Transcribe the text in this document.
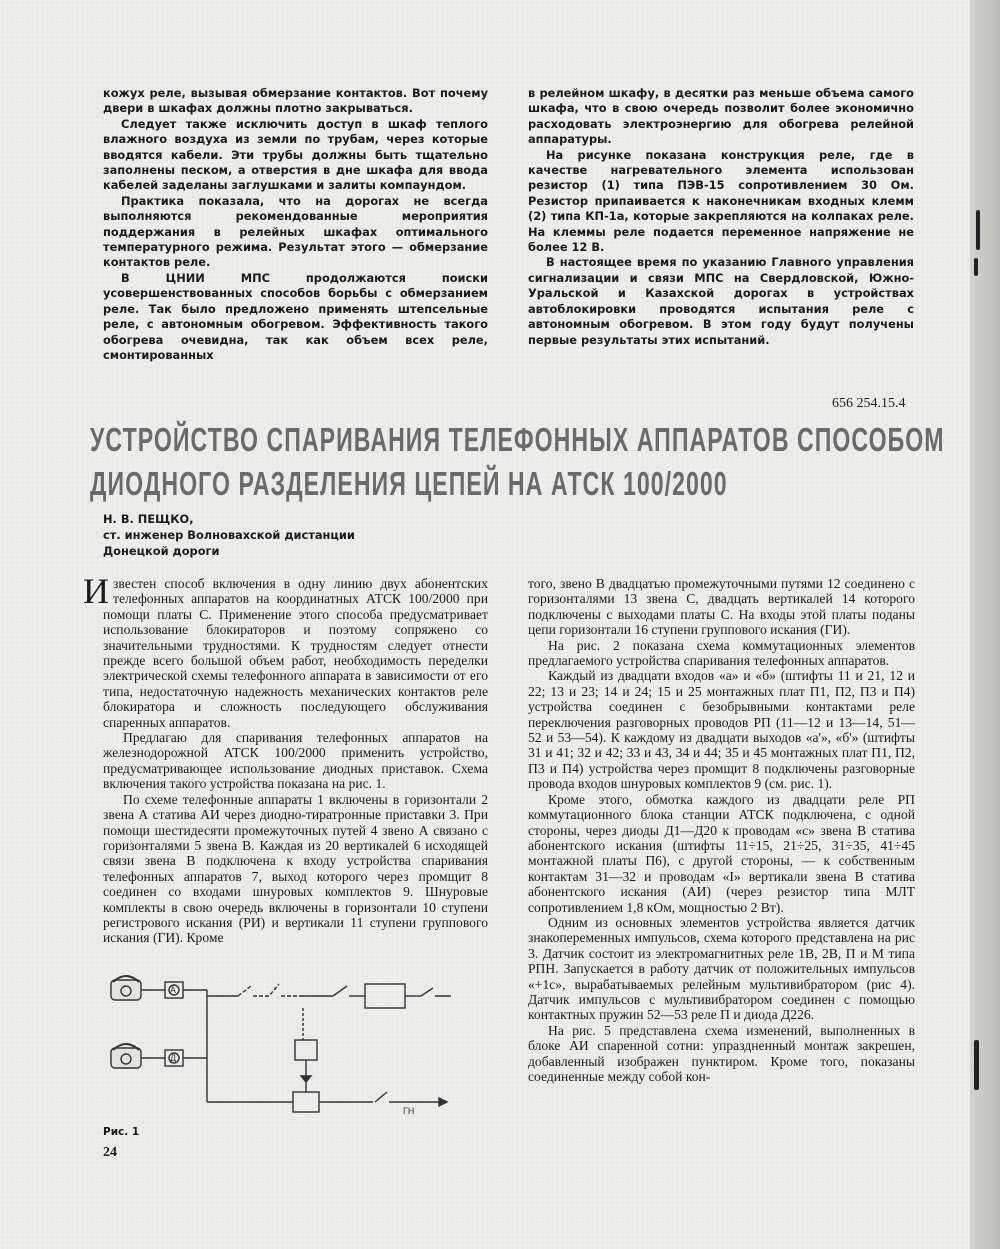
кожух реле, вызывая обмерзание контактов. Вот почему двери в шкафах должны плотно закрываться.

Следует также исключить доступ в шкаф теплого влажного воздуха из земли по трубам, через которые вводятся кабели. Эти трубы должны быть тщательно заполнены песком, а отверстия в дне шкафа для ввода кабелей заделаны заглушками и залиты компаундом.

Практика показала, что на дорогах не всегда выполняются рекомендованные мероприятия поддержания в релейных шкафах оптимального температурного режима. Результат этого — обмерзание контактов реле.

В ЦНИИ МПС продолжаются поиски усовершенствованных способов борьбы с обмерзанием реле. Так было предложено применять штепсельные реле, с автономным обогревом. Эффективность такого обогрева очевидна, так как объем всех реле, смонтированных

в релейном шкафу, в десятки раз меньше объема самого шкафа, что в свою очередь позволит более экономично расходовать электроэнергию для обогрева релейной аппаратуры.

На рисунке показана конструкция реле, где в качестве нагревательного элемента использован резистор (1) типа ПЭВ-15 сопротивлением 30 Ом. Резистор припаивается к наконечникам входных клемм (2) типа КП-1а, которые закрепляются на колпаках реле. На клеммы реле подается переменное напряжение не более 12 В.

В настоящее время по указанию Главного управления сигнализации и связи МПС на Свердловской, Южно-Уральской и Казахской дорогах в устройствах автоблокировки проводятся испытания реле с автономным обогревом. В этом году будут получены первые результаты этих испытаний.

656 254.15.4
УСТРОЙСТВО СПАРИВАНИЯ ТЕЛЕФОННЫХ АППАРАТОВ СПОСОБОМ
ДИОДНОГО РАЗДЕЛЕНИЯ ЦЕПЕЙ НА АТСК 100/2000
Н. В. ПЕЩКО,
ст. инженер Волновахской дистанции
Донецкой дороги

Известен способ включения в одну линию двух абонентских телефонных аппаратов на координатных АТСК 100/2000 при помощи платы С. Применение этого способа предусматривает использование блокираторов и поэтому сопряжено со значительными трудностями. К трудностям следует отнести прежде всего большой объем работ, необходимость переделки электрической схемы телефонного аппарата в зависимости от его типа, недостаточную надежность механических контактов реле блокиратора и сложность последующего обслуживания спаренных аппаратов.

Предлагаю для спаривания телефонных аппаратов на железнодорожной АТСК 100/2000 применить устройство, предусматривающее использование диодных приставок. Схема включения такого устройства показана на рис. 1.

По схеме телефонные аппараты 1 включены в горизонтали 2 звена А статива АИ через диодно-тиратронные приставки 3. При помощи шестидесяти промежуточных путей 4 звено А связано с горизонталями 5 звена В. Каждая из 20 вертикалей 6 исходящей связи звена В подключена к входу устройства спаривания телефонных аппаратов 7, выход которого через промщит 8 соединен со входами шнуровых комплектов 9. Шнуровые комплекты в свою очередь включены в горизонтали 10 ступени регистрового искания (РИ) и вертикали 11 ступени группового искания (ГИ). Кроме

того, звено В двадцатью промежуточными путями 12 соединено с горизонталями 13 звена С, двадцать вертикалей 14 которого подключены с выходами платы С. На входы этой платы поданы цепи горизонтали 16 ступени группового искания (ГИ).

На рис. 2 показана схема коммутационных элементов предлагаемого устройства спаривания телефонных аппаратов.

Каждый из двадцати входов «а» и «б» (штифты 11 и 21, 12 и 22; 13 и 23; 14 и 24; 15 и 25 монтажных плат П1, П2, П3 и П4) устройства соединен с безобрывными контактами реле переключения разговорных проводов РП (11—12 и 13—14, 51—52 и 53—54). К каждому из двадцати выходов «а'», «б'» (штифты 31 и 41; 32 и 42; 33 и 43, 34 и 44; 35 и 45 монтажных плат П1, П2, П3 и П4) устройства через промщит 8 подключены разговорные провода входов шнуровых комплектов 9 (см. рис. 1).

Кроме этого, обмотка каждого из двадцати реле РП коммутационного блока станции АТСК подключена, с одной стороны, через диоды Д1—Д20 к проводам «с» звена В статива абонентского искания (штифты 11÷15, 21÷25, 31÷35, 41÷45 монтажной платы П6), с другой стороны, — к собственным контактам 31—32 и проводам «I» вертикали звена В статива абонентского искания (АИ) (через резистор типа МЛТ сопротивлением 1,8 кОм, мощностью 2 Вт).

Одним из основных элементов устройства является датчик знакопеременных импульсов, схема которого представлена на рис 3. Датчик состоит из электромагнитных реле 1В, 2В, П и М типа РПН. Запускается в работу датчик от положительных импульсов «+1с», вырабатываемых релейным мультивибратором (рис 4). Датчик импульсов с мультивибратором соединен с помощью контактных пружин 52—53 реле П и диода Д226.

На рис. 5 представлена схема изменений, выполненных в блоке АИ спаренной сотни: упраздненный монтаж закрешен, добавленный изображен пунктиром. Кроме того, показаны соединенные между собой кон-

А
Д
ГН
Рис. 1
24
